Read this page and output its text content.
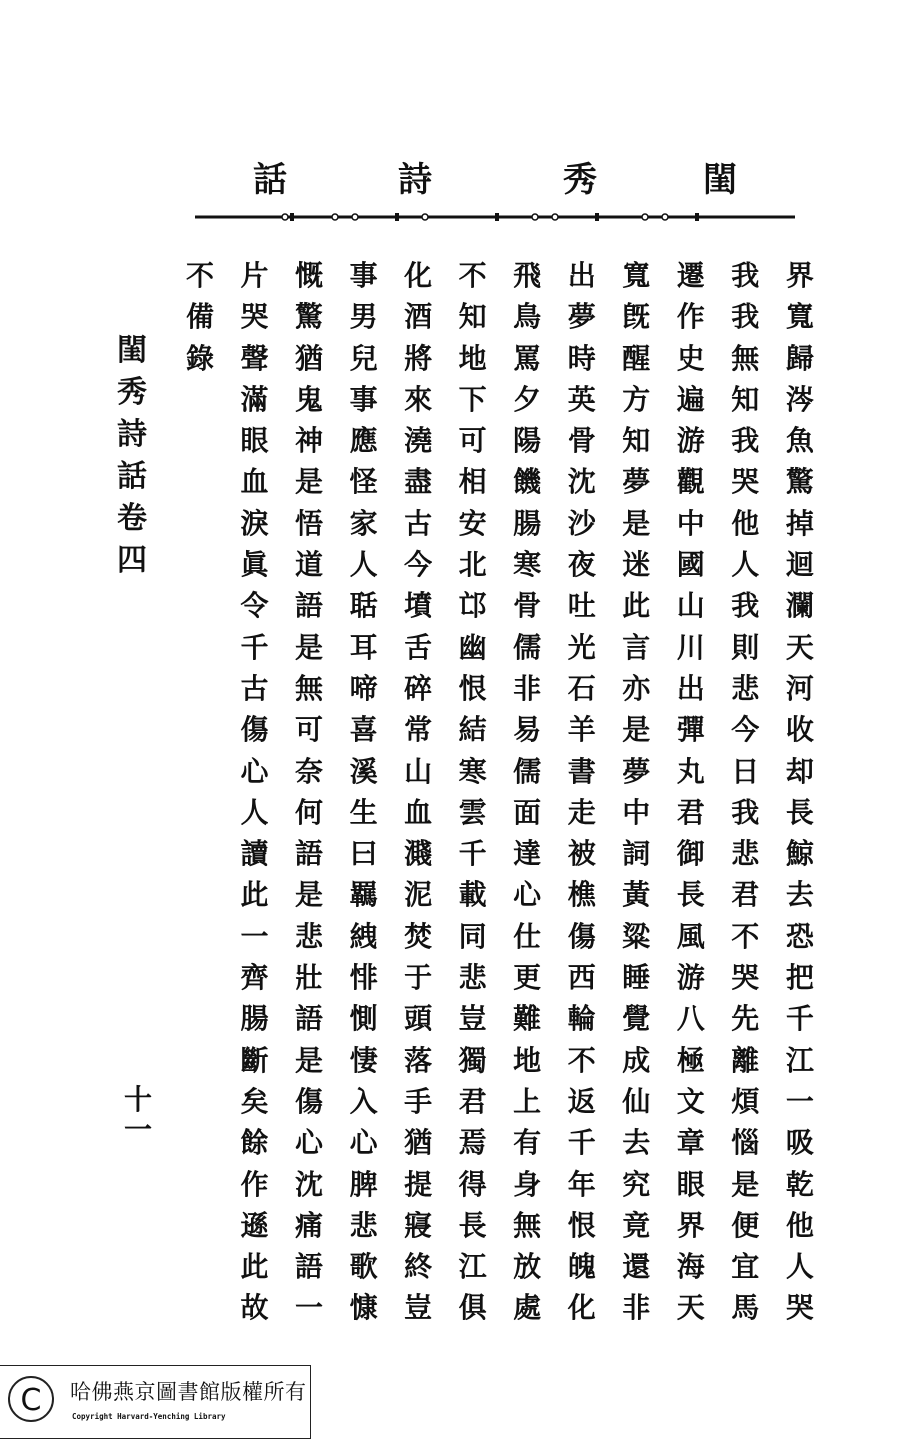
閨
秀
詩
話
界
寬
歸
涔
魚
驚
掉
迴
瀾
天
河
收
却
長
鯨
去
恐
把
千
江
一
吸
乾
他
人
哭
我
我
無
知
我
哭
他
人
我
則
悲
今
日
我
悲
君
不
哭
先
離
煩
惱
是
便
宜
馬
遷
作
史
遍
游
觀
中
國
山
川
出
彈
丸
君
御
長
風
游
八
極
文
章
眼
界
海
天
寬
旣
醒
方
知
夢
是
迷
此
言
亦
是
夢
中
詞
黃
粱
睡
覺
成
仙
去
究
竟
還
非
出
夢
時
英
骨
沈
沙
夜
吐
光
石
羊
書
走
被
樵
傷
西
輪
不
返
千
年
恨
魄
化
飛
鳥
罵
夕
陽
饑
腸
寒
骨
儒
非
易
儒
面
達
心
仕
更
難
地
上
有
身
無
放
處
不
知
地
下
可
相
安
北
邙
幽
恨
結
寒
雲
千
載
同
悲
豈
獨
君
焉
得
長
江
俱
化
酒
將
來
澆
盡
古
今
墳
舌
碎
常
山
血
濺
泥
焚
于
頭
落
手
猶
提
寢
終
豈
事
男
兒
事
應
怪
家
人
聒
耳
啼
喜
溪
生
曰
羈
絏
悱
惻
悽
入
心
脾
悲
歌
慷
慨
驚
猶
鬼
神
是
悟
道
語
是
無
可
奈
何
語
是
悲
壯
語
是
傷
心
沈
痛
語
一
片
哭
聲
滿
眼
血
淚
眞
令
千
古
傷
心
人
讀
此
一
齊
腸
斷
矣
餘
作
遜
此
故
不
備
錄
閨
秀
詩
話
卷
四
十
一
C	哈佛燕京圖書館版權所有
Copyright Harvard-Yenching Library
